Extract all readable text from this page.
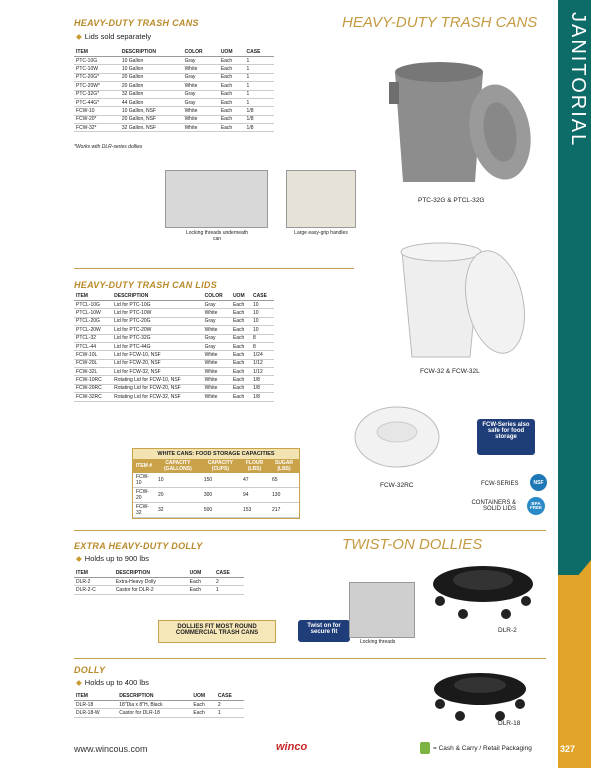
JANITORIAL
HEAVY-DUTY TRASH CANS
◆ Lids sold separately
ITEM	DESCRIPTION	COLOR	UOM	CASE
PTC-10G	10 Gallon	Gray	Each	1
PTC-10W	10 Gallon	White	Each	1
PTC-20G*	20 Gallon	Gray	Each	1
PTC-20W*	20 Gallon	White	Each	1
PTC-32G*	32 Gallon	Gray	Each	1
PTC-44G*	44 Gallon	Gray	Each	1
FCW-10	10 Gallon, NSF	White	Each	1/8
FCW-20*	20 Gallon, NSF	White	Each	1/8
FCW-32*	32 Gallon, NSF	White	Each	1/8
*Works with DLR-series dollies
HEAVY-DUTY TRASH CANS
PTC-32G & PTCL-32G
Locking threads underneath can
Large easy-grip handles
HEAVY-DUTY TRASH CAN LIDS
ITEM	DESCRIPTION	COLOR	UOM	CASE
PTCL-10G	Lid for PTC-10G	Gray	Each	10
PTCL-10W	Lid for PTC-10W	White	Each	10
PTCL-20G	Lid for PTC-20G	Gray	Each	10
PTCL-20W	Lid for PTC-20W	White	Each	10
PTCL-32	Lid for PTC-32G	Gray	Each	8
PTCL-44	Lid for PTC-44G	Gray	Each	8
FCW-10L	Lid for FCW-10, NSF	White	Each	1/24
FCW-20L	Lid for FCW-20, NSF	White	Each	1/12
FCW-32L	Lid for FCW-32, NSF	White	Each	1/12
FCW-10RC	Rotating Lid for FCW-10, NSF	White	Each	1/8
FCW-20RC	Rotating Lid for FCW-20, NSF	White	Each	1/8
FCW-32RC	Rotating Lid for FCW-32, NSF	White	Each	1/8
FCW-32 & FCW-32L
FCW-32RC
FCW-Series also safe for food storage
FCW-SERIES	NSF
CONTAINERS & SOLID LIDS
BPA FREE
WHITE CANS: FOOD STORAGE CAPACITIES
ITEM #	CAPACITY (GALLONS)	CAPACITY (CUPS)	FLOUR (LBS)	SUGAR (LBS)
FCW-10	10	150	47	65
FCW-20	20	300	94	130
FCW-32	32	500	153	217
EXTRA HEAVY-DUTY DOLLY
◆ Holds up to 900 lbs
ITEM	DESCRIPTION	UOM	CASE
DLR-2	Extra-Heavy Dolly	Each	2
DLR-2-C	Castor for DLR-2	Each	1
TWIST-ON DOLLIES
DOLLIES FIT MOST ROUND COMMERCIAL TRASH CANS
Twist on for secure fit
Locking threads
DLR-2
DOLLY
◆ Holds up to 400 lbs
ITEM	DESCRIPTION	UOM	CASE
DLR-18	18"Dia x 8"H, Black	Each	2
DLR-18-W	Castor for DLR-18	Each	1
DLR-18
www.wincous.com	winco	= Cash & Carry / Retail Packaging	327
